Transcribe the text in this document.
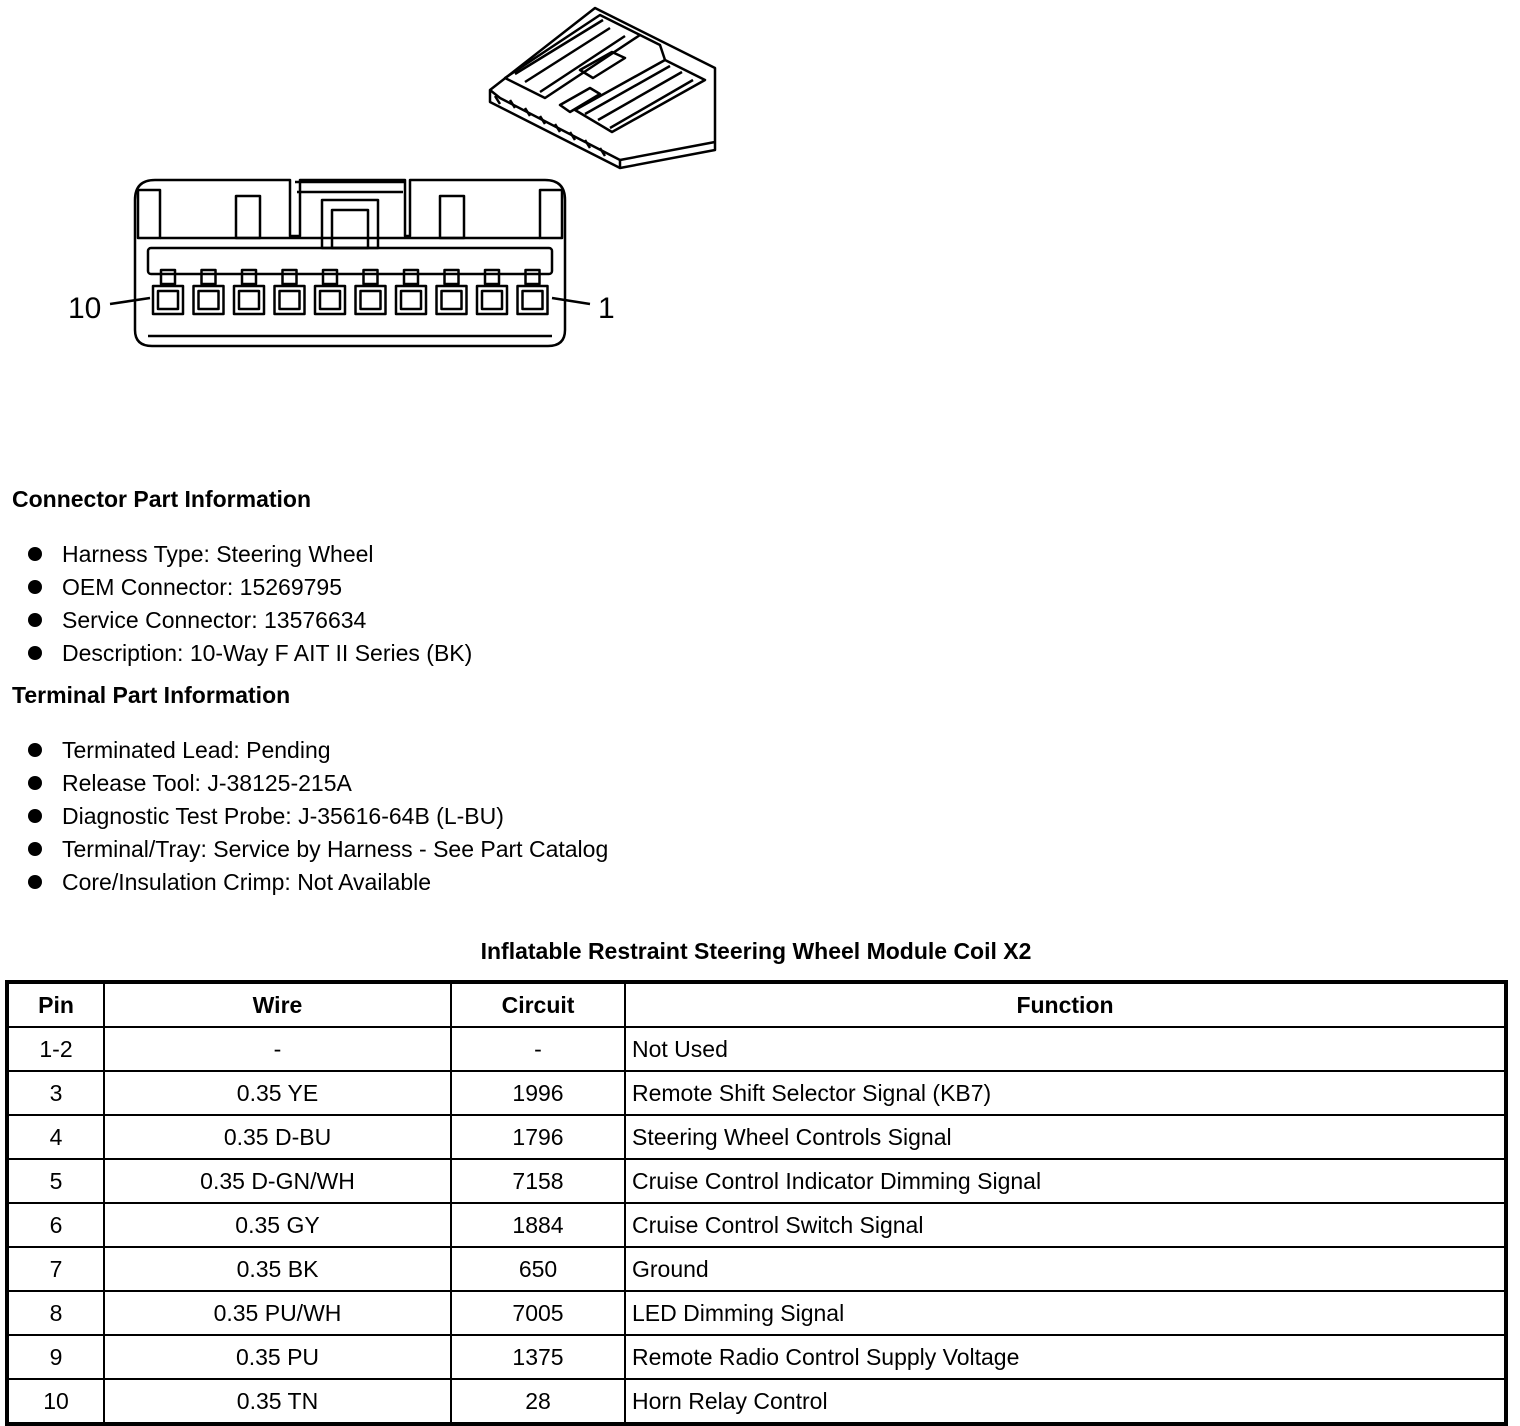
10	1
Connector Part Information
Harness Type: Steering Wheel
OEM Connector: 15269795
Service Connector: 13576634
Description: 10-Way F AIT II Series (BK)
Terminal Part Information
Terminated Lead: Pending
Release Tool: J-38125-215A
Diagnostic Test Probe: J-35616-64B (L-BU)
Terminal/Tray: Service by Harness - See Part Catalog
Core/Insulation Crimp: Not Available
Inflatable Restraint Steering Wheel Module Coil X2
Pin	Wire	Circuit	Function
1-2	-	-	Not Used
3	0.35 YE	1996	Remote Shift Selector Signal (KB7)
4	0.35 D-BU	1796	Steering Wheel Controls Signal
5	0.35 D-GN/WH	7158	Cruise Control Indicator Dimming Signal
6	0.35 GY	1884	Cruise Control Switch Signal
7	0.35 BK	650	Ground
8	0.35 PU/WH	7005	LED Dimming Signal
9	0.35 PU	1375	Remote Radio Control Supply Voltage
10	0.35 TN	28	Horn Relay Control
